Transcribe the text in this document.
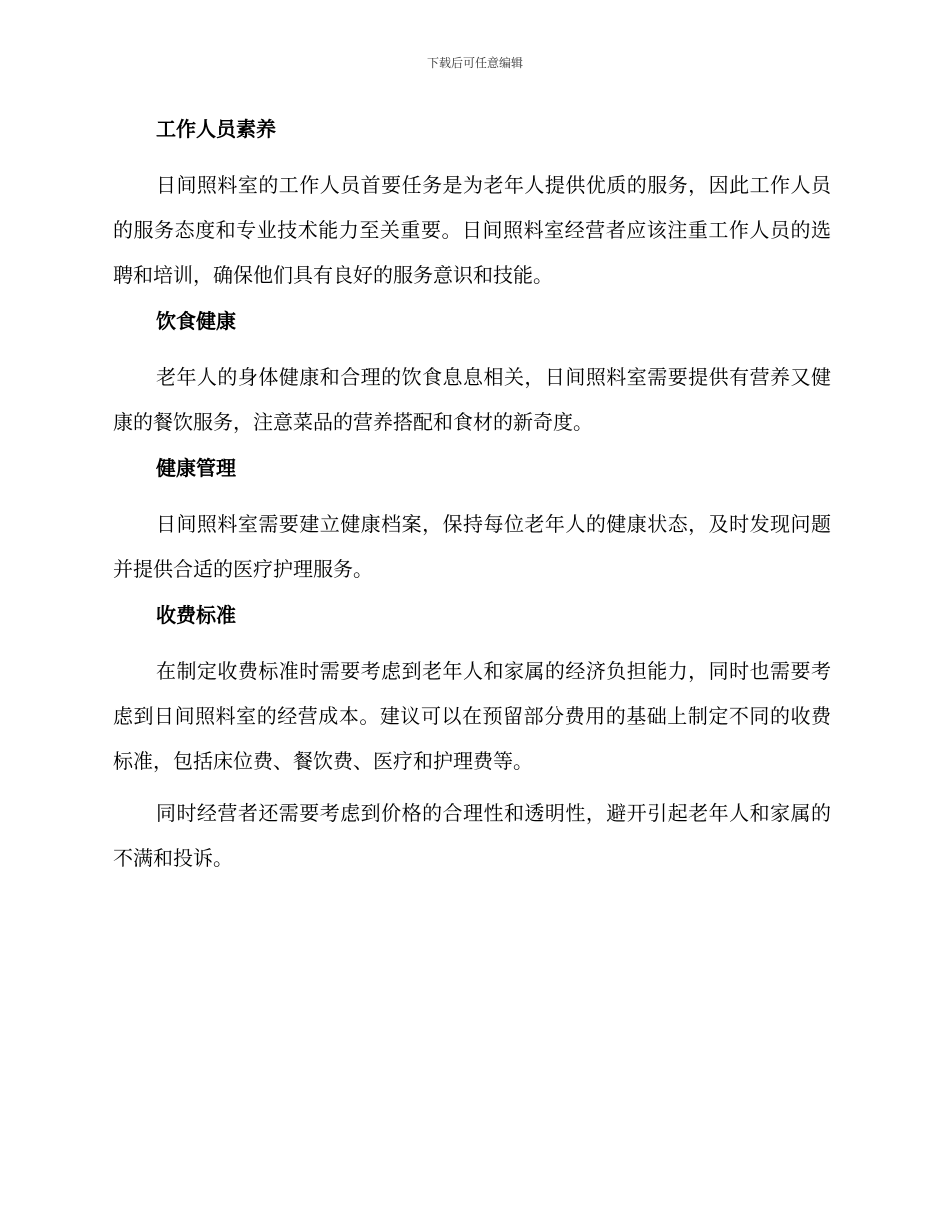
下载后可任意编辑
工作人员素养

日间照料室的工作人员首要任务是为老年人提供优质的服务，因此工作人员的服务态度和专业技术能力至关重要。日间照料室经营者应该注重工作人员的选聘和培训，确保他们具有良好的服务意识和技能。

饮食健康

老年人的身体健康和合理的饮食息息相关，日间照料室需要提供有营养又健康的餐饮服务，注意菜品的营养搭配和食材的新奇度。

健康管理

日间照料室需要建立健康档案，保持每位老年人的健康状态，及时发现问题并提供合适的医疗护理服务。

收费标准

在制定收费标准时需要考虑到老年人和家属的经济负担能力，同时也需要考虑到日间照料室的经营成本。建议可以在预留部分费用的基础上制定不同的收费标准，包括床位费、餐饮费、医疗和护理费等。

同时经营者还需要考虑到价格的合理性和透明性，避开引起老年人和家属的不满和投诉。
